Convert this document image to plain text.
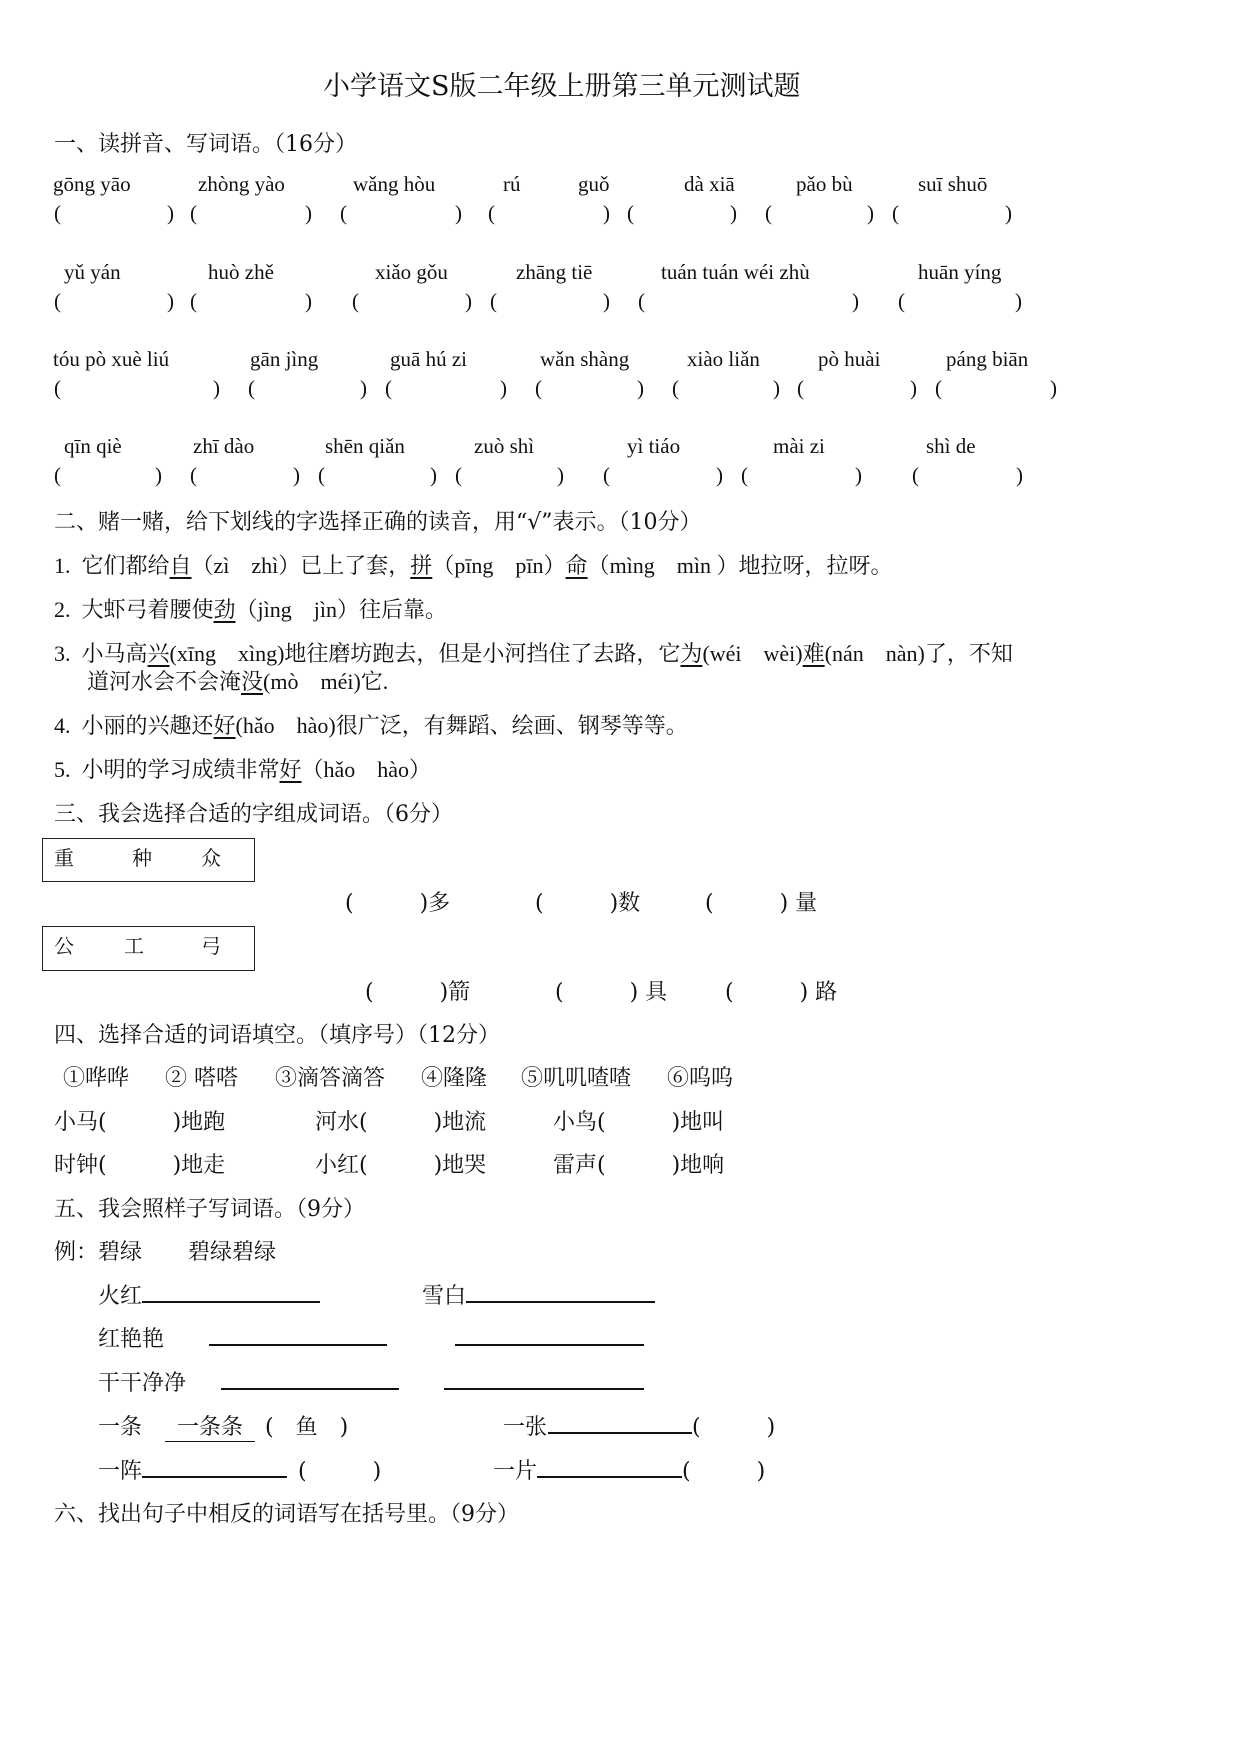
小学语文S版二年级上册第三单元测试题
一、读拼音、写词语。（16分）
gōng yāo	zhòng yào	wǎng hòu	rú	guǒ	dà xiā	pǎo bù	suī shuō
(	) (	) (	) (	) (	) (	) (	)
yǔ yán	huò zhě	xiǎo gǒu	zhāng tiē	tuán tuán wéi zhù	huān yíng
(	) (	) (	) (	) (	) (	)
tóu pò xuè liú	gān jìng	guā hú zi	wǎn shàng	xiào liǎn	pò huài	páng biān
(	) (	) (	) (	) (	) (	) (	)
qīn qiè	zhī dào	shēn qiǎn	zuò shì	yì tiáo	mài zi	shì de
(	) (	) (	) (	) (	) (	) (	)
二、赌一赌，给下划线的字选择正确的读音，用“√”表示。（10分）
1. 它们都给自（zì　zhì）已上了套，拼（pīng　pīn）命（mìng　mìn ）地拉呀，拉呀。
2. 大虾弓着腰使劲（jìng　jìn）往后靠。
3. 小马高兴(xīng　xìng)地往磨坊跑去，但是小河挡住了去路，它为(wéi　wèi)难(nán　nàn)了，不知
道河水会不会淹没(mò　méi)它.
4. 小丽的兴趣还好(hǎo　hào)很广泛，有舞蹈、绘画、钢琴等等。
5. 小明的学习成绩非常好（hǎo　hào）
三、我会选择合适的字组成词语。（6分）
重	种 众
(　　　)多	(　　　)数	(　　　) 量
公	工	弓
(　　　)箭	(　　　) 具	(　　　) 路
四、选择合适的词语填空。（填序号）（12分）
①哗哗 ② 嗒嗒 ③滴答滴答 ④隆隆 ⑤叽叽喳喳 ⑥呜呜
小马(　　　)地跑	河水(　　　)地流	小鸟(　　　)地叫
时钟(　　　)地走	小红(　　　)地哭	雷声(　　　)地响
五、我会照样子写词语。（9分）
例： 碧绿 碧绿碧绿
火红	雪白
红艳艳
干干净净
一条	一条条	(　鱼　)	一张	(　　　)
一阵	(　　　)	一片	(　　　)
六、找出句子中相反的词语写在括号里。（9分）
